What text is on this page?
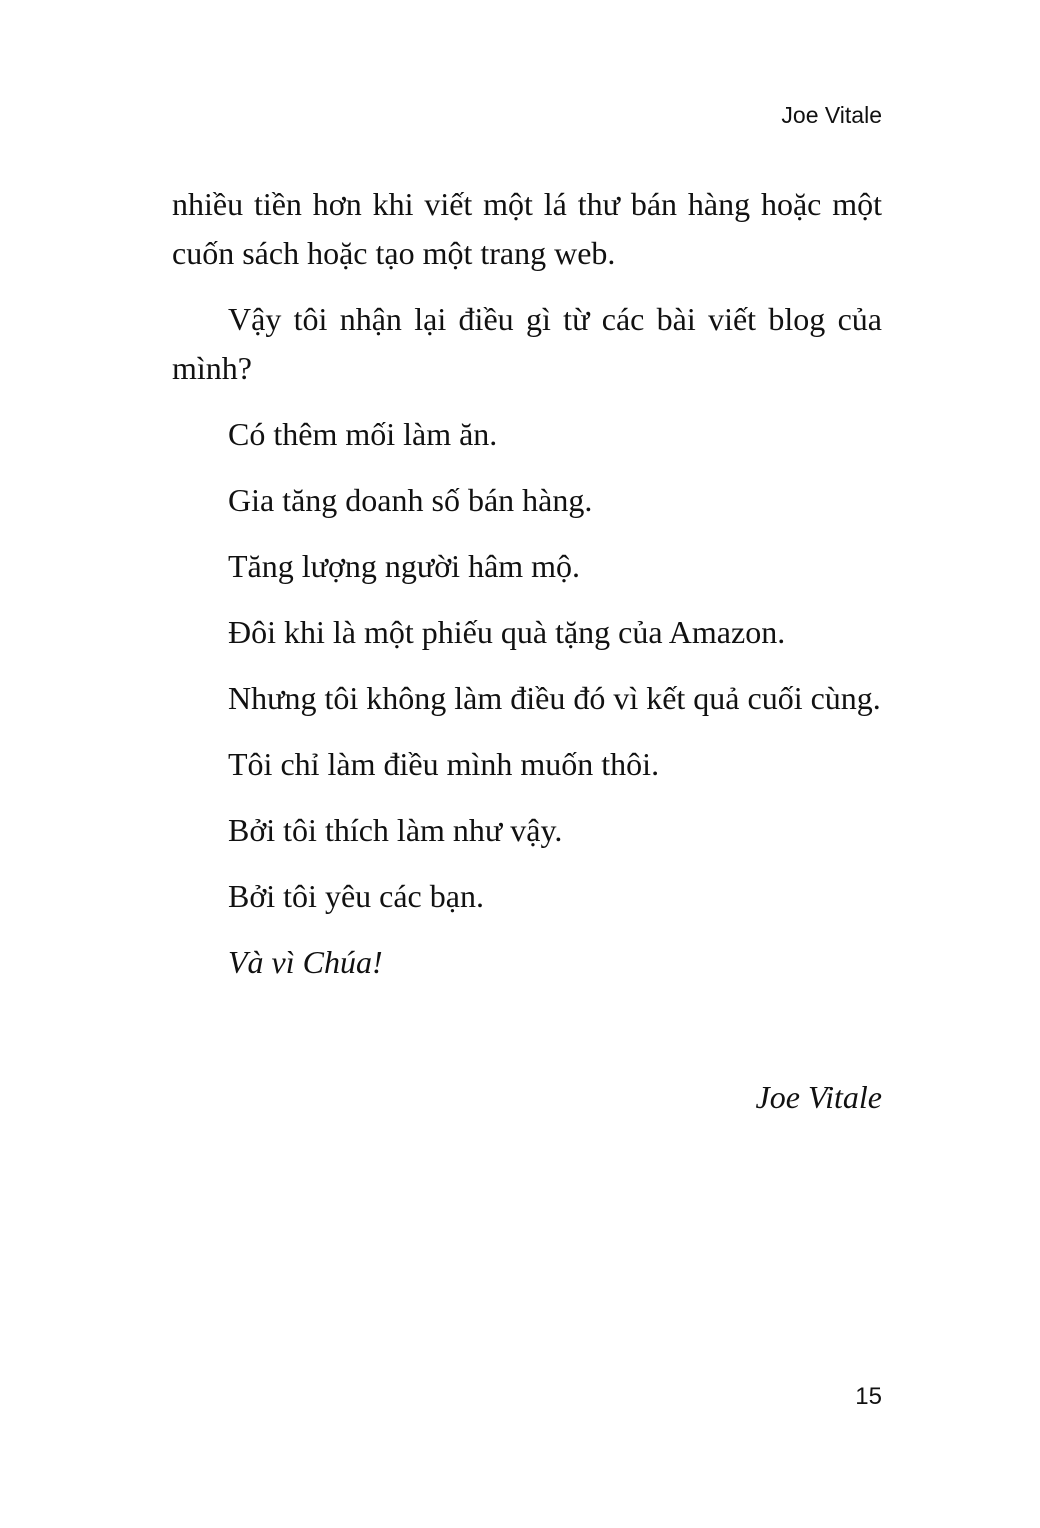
Joe Vitale

nhiều tiền hơn khi viết một lá thư bán hàng hoặc một cuốn sách hoặc tạo một trang web.

Vậy tôi nhận lại điều gì từ các bài viết blog của mình?

Có thêm mối làm ăn.

Gia tăng doanh số bán hàng.

Tăng lượng người hâm mộ.

Đôi khi là một phiếu quà tặng của Amazon.

Nhưng tôi không làm điều đó vì kết quả cuối cùng.

Tôi chỉ làm điều mình muốn thôi.

Bởi tôi thích làm như vậy.

Bởi tôi yêu các bạn.

Và vì Chúa!

Joe Vitale
15
